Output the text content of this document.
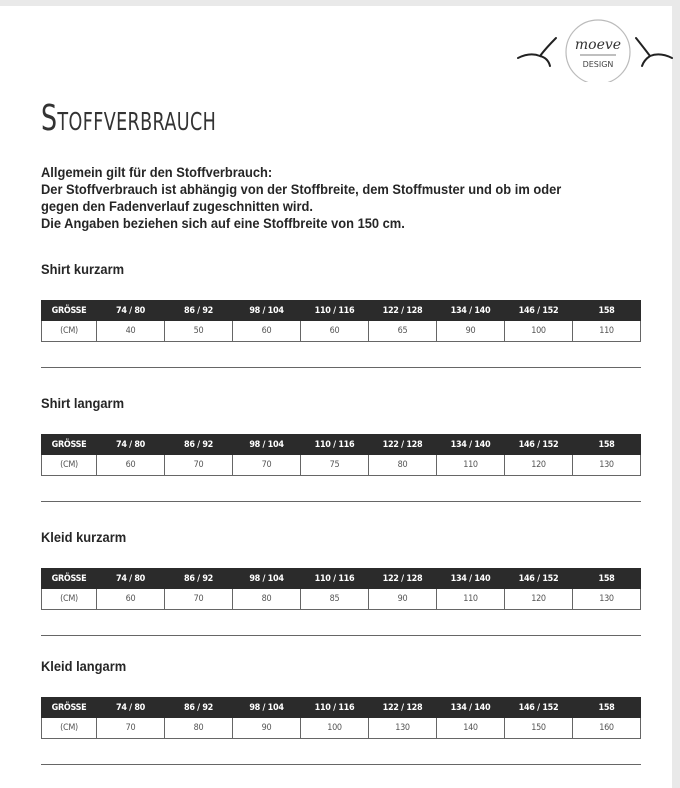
moeve
DESIGN
Stoffverbrauch
Allgemein gilt für den Stoffverbrauch:
Der Stoffverbrauch ist abhängig von der Stoffbreite, dem Stoffmuster und ob im oder
gegen den Fadenverlauf zugeschnitten wird.
Die Angaben beziehen sich auf eine Stoffbreite von 150 cm.
Shirt kurzarm
GRÖSSE	74 / 80	86 / 92	98 / 104	110 / 116	122 / 128	134 / 140	146 / 152	158
(CM)	40	50	60	60	65	90	100	110
Shirt langarm
GRÖSSE	74 / 80	86 / 92	98 / 104	110 / 116	122 / 128	134 / 140	146 / 152	158
(CM)	60	70	70	75	80	110	120	130
Kleid kurzarm
GRÖSSE	74 / 80	86 / 92	98 / 104	110 / 116	122 / 128	134 / 140	146 / 152	158
(CM)	60	70	80	85	90	110	120	130
Kleid langarm
GRÖSSE	74 / 80	86 / 92	98 / 104	110 / 116	122 / 128	134 / 140	146 / 152	158
(CM)	70	80	90	100	130	140	150	160
